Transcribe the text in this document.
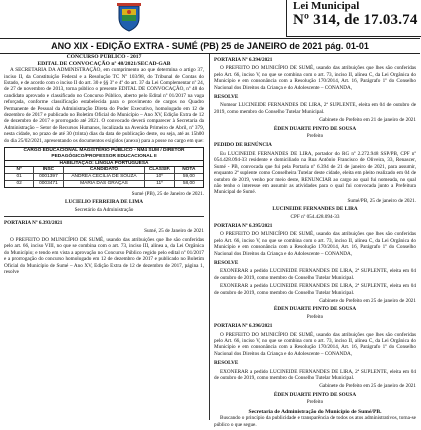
Lei Municipal
Nº 314, de 17.03.74
ANO XIX - EDIÇÃO EXTRA - SUMÉ (PB) 25 de JANEIRO de 2021 pág. 01-01
CONCURSO PÚBLICO - 2017
EDITAL DE CONVOCAÇÃO nº 48/2021/SECAD-GAB

A SECRETARIA DA ADMINISTRAÇÃO, em cumprimento ao que determina o artigo 37, inciso II, da Constituição Federal e a Resolução TC Nº 103/98, do Tribunal de Contas do Estado, e de acordo com o inciso II do art. 30 e §§ 3º e 4º do art. 37 da Lei Complementar nº 24, de 27 de novembro de 2013, torna público o presente EDITAL DE CONVOCAÇÃO, nº 48 do candidato aprovado e classificado no Concurso Público, aberto pelo Edital nº 01/2017 na vaga reforçada, conforme classificação estabelecida para o provimento de cargos no Quadro Permanente de Pessoal da Administração Direta do Poder Executivo, homologado em 12 de dezembro de 2017 e publicado no Boletim Oficial do Município – Ano XV, Edição Extra de 12 de dezembro de 2017 e prorrogado até 2021. O convocado deverá comparecer à Secretaria da Administração – Setor de Recursos Humanos, localizada na Avenida Primeiro de Abril, nº 379, nesta cidade, no prazo de até 30 (trinta) dias da data de publicação deste, ou seja, até as 15h00 do dia 25/02/2021, apresentando os documentos exigidos (anexo) para a posse no cargo em que:

CARGO EDUCACIONAL MAGISTÉRIO PÚBLICO - NM4 SUM / DIRETOR PEDAGÓGICO/PROFESSOR EDUCACIONAL II
HABILITAÇÃO: LÍNGUA PORTUGUESA
Nº	INSC	CANDIDATO	CLASSIF.	NOTA
01	0001397	ANDREA CECÍLIA DE SOUZA	10º	59,00
02	0003471	MARIA DAS GRAÇAS	11º	58,00
Sumé (PB), 25 de Janeiro de 2021.
LUCIELIO FERREIRA DE LIMA
Secretário da Administração
PORTARIA Nº 6.393/2021
Sumé, 25 de Janeiro de 2021

O PREFEITO DO MUNICÍPIO DE SUMÉ, usando das atribuições que lhe são conferidas pelo art. 66, inciso VIII, no que se combina com o art. 73, inciso III, alínea a, da Lei Orgânica do Município; e tendo em vista a aprovação no Concurso Público regido pelo edital nº 01/2017 e a prorrogação do concurso homologado em 12 de dezembro de 2017 e publicado no Boletim Oficial do Município de Sumé – Ano XV, Edição Extra de 12 de dezembro de 2017, página 1, resolve

PORTARIA Nº 6.394/2021

O PREFEITO DO MUNICÍPIO DE SUMÉ, usando das atribuições que lhes são conferidas pelo Art. 66, inciso V, no que se combina com o art. 73, inciso II, alínea C, da Lei Orgânica do Município e em consonância com a Resolução 170/2014, Art. 16, Parágrafo 1º do Conselho Nacional dos Direitos da Criança e do Adolescente – CONANDA,

RESOLVE

Nomear LUCINEIDE FERNANDES DE LIRA, 2ª SUPLENTE, eleita em 04 de outubro de 2019, como membro do Conselho Tutelar Municipal.

Gabinete do Prefeito em 21 de janeiro de 2021
ÉDEN DUARTE PINTO DE SOUSA
Prefeito
PEDIDO DE RENÚNCIA

Eu LUCINEIDE FERNANDES DE LIRA, portador do RG nº 2.272.948 SSP/PB, CPF nº 054.428.094-33 residente e domiciliado na Rua Antônio Francisco de Oliveira, 33, Renascer, Sumé - PB, convocada que fui pela Portaria nº 6.394 de 21 de janeiro de 2021, para assumir, enquanto 2ª suplente como Conselheira Tutelar deste cidade, eleita em pleito realizado em 04 de outubro de 2019, venho por meio deste, RENUNCIAR ao cargo ao qual fui nomeada, no qual não tenho o interesse em assumir as atividades para o qual fui convocada junto a Prefeitura Municipal de Sumé.

Sumé/PB, 25 de janeiro de 2021.
LUCINEIDE FERNANDES DE LIRA
CPF nº 054.428.094-33
PORTARIA Nº 6.395/2021

O PREFEITO DO MUNICÍPIO DE SUMÉ, usando das atribuições que lhes são conferidas pelo Art. 66, inciso V, no que se combina com o art. 73, inciso II, alínea C, da Lei Orgânica do Município e em consonância com a Resolução 170/2014, Art. 16, Parágrafo 1º do Conselho Nacional dos Direitos da Criança e do Adolescente – CONANDA,

RESOLVE

EXONERAR a pedido LUCINEIDE FERNANDES DE LIRA, 2ª SUPLENTE, eleita em 04 de outubro de 2019, como membro do Conselho Tutelar Municipal.

EXONERAR a pedido LUCINEIDE FERNANDES DE LIRA, 2ª SUPLENTE, eleita em 04 de outubro de 2019, como membro do Conselho Tutelar Municipal.

Gabinete do Prefeito em 25 de janeiro de 2021
ÉDEN DUARTE PINTO DE SOUSA
Prefeito
PORTARIA Nº 6.396/2021

O PREFEITO DO MUNICÍPIO DE SUMÉ, usando das atribuições que lhes são conferidas pelo Art. 66, inciso V, no que se combina com o art. 73, inciso II, alínea C, da Lei Orgânica do Município e em consonância com a Resolução 170/2014, Art. 16, Parágrafo 1º do Conselho Nacional dos Direitos da Criança e do Adolescente – CONANDA,

RESOLVE

EXONERAR a pedido LUCINEIDE FERNANDES DE LIRA, 2ª SUPLENTE, eleita em 04 de outubro de 2019, como membro do Conselho Tutelar Municipal.

Gabinete do Prefeito em 25 de janeiro de 2021
ÉDEN DUARTE PINTO DE SOUSA
Prefeito
Secretaria de Administração do Município de Sumé/PB.

Buscando o princípio da publicidade e transparência de todos os atos administrativos, torna-se público o que segue.
